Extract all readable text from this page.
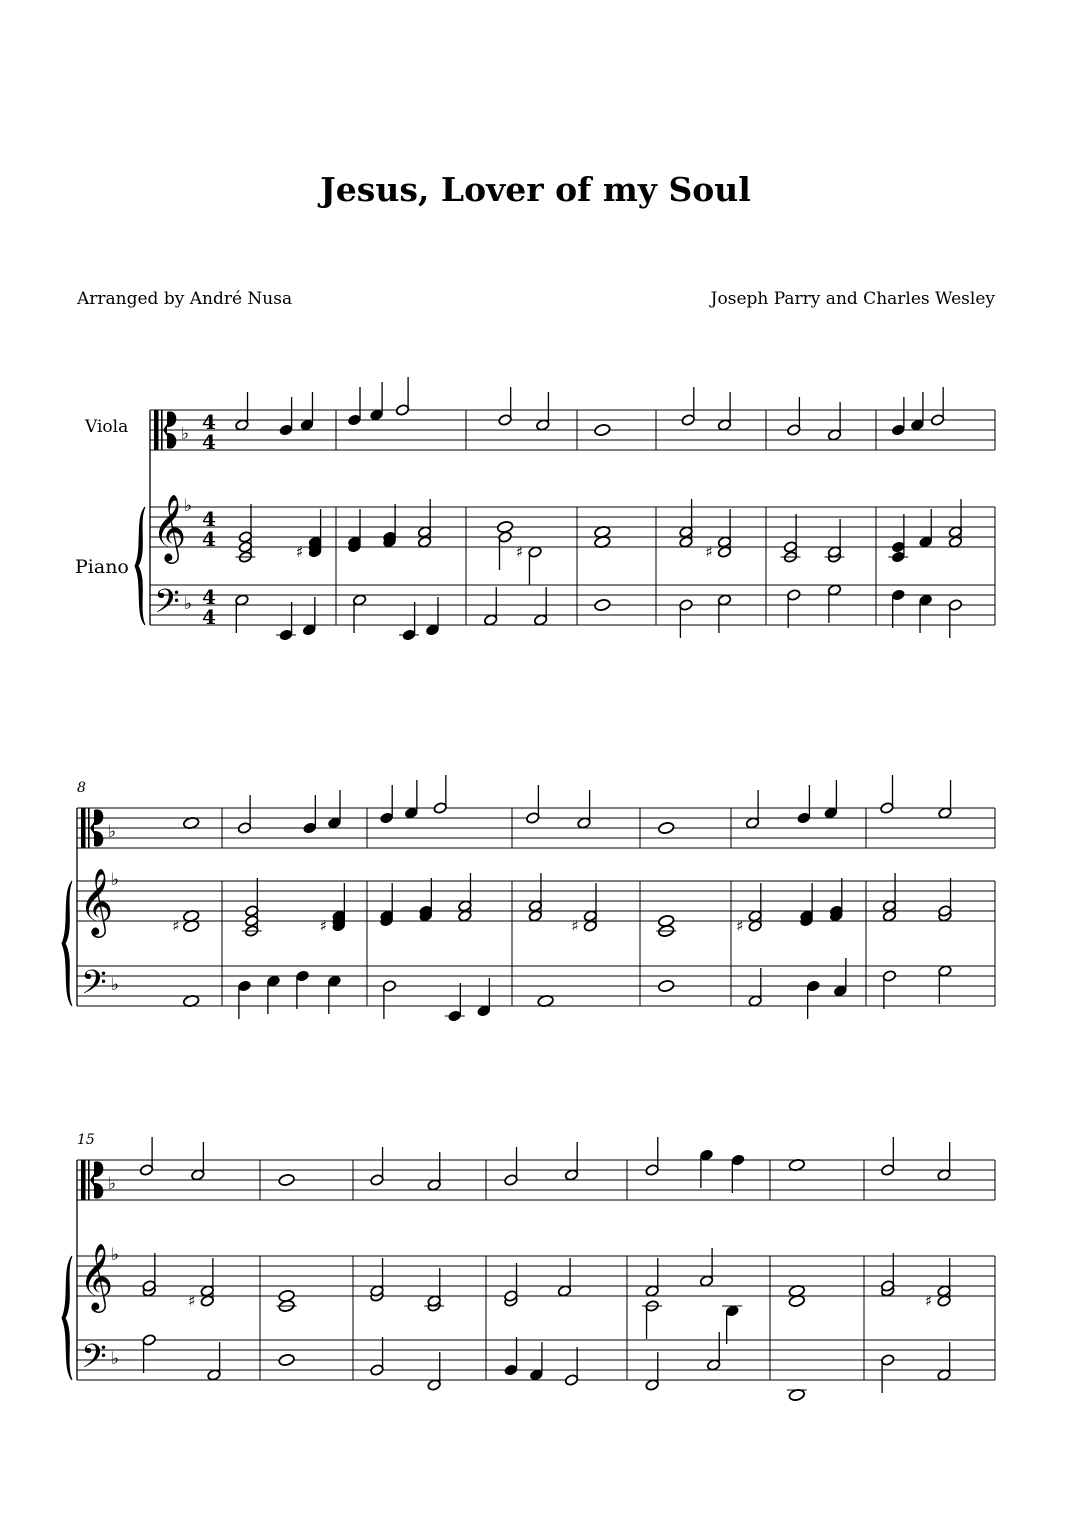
Jesus, Lover of my Soul
Arranged by André Nusa	Joseph Parry and Charles Wesley
♭
𝄞
♭
𝄢 ♭
4
4
4
4
4
4
Viola
Piano
♯	♯	♯
♭
𝄞
♭
𝄢 ♭
8
♯	♯	♯	♯
♭
𝄞
♭
𝄢 ♭
15
♯	♯
